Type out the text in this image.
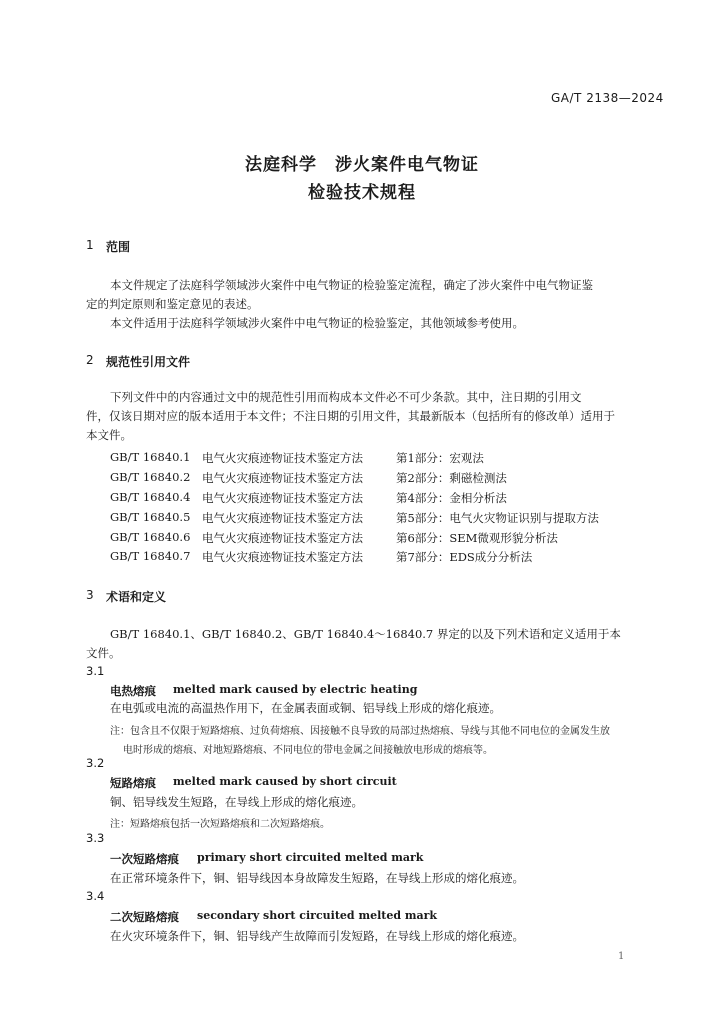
GA/T 2138—2024
法庭科学　涉火案件电气物证
检验技术规程
1 范围
本文件规定了法庭科学领域涉火案件中电气物证的检验鉴定流程，确定了涉火案件中电气物证鉴
定的判定原则和鉴定意见的表述。
本文件适用于法庭科学领域涉火案件中电气物证的检验鉴定，其他领域参考使用。
2 规范性引用文件
下列文件中的内容通过文中的规范性引用而构成本文件必不可少条款。其中，注日期的引用文
件，仅该日期对应的版本适用于本文件；不注日期的引用文件，其最新版本（包括所有的修改单）适用于
本文件。
GB/T 16840.1 电气火灾痕迹物证技术鉴定方法	第1部分：宏观法
GB/T 16840.2 电气火灾痕迹物证技术鉴定方法	第2部分：剩磁检测法
GB/T 16840.4 电气火灾痕迹物证技术鉴定方法	第4部分：金相分析法
GB/T 16840.5 电气火灾痕迹物证技术鉴定方法	第5部分：电气火灾物证识别与提取方法
GB/T 16840.6 电气火灾痕迹物证技术鉴定方法	第6部分：SEM微观形貌分析法
GB/T 16840.7 电气火灾痕迹物证技术鉴定方法	第7部分：EDS成分分析法
3 术语和定义
GB/T 16840.1、GB/T 16840.2、GB/T 16840.4～16840.7 界定的以及下列术语和定义适用于本
文件。
3.1
电热熔痕 melted mark caused by electric heating
在电弧或电流的高温热作用下，在金属表面或铜、铝导线上形成的熔化痕迹。
注：包含且不仅限于短路熔痕、过负荷熔痕、因接触不良导致的局部过热熔痕、导线与其他不同电位的金属发生放
电时形成的熔痕、对地短路熔痕、不同电位的带电金属之间接触放电形成的熔痕等。
3.2
短路熔痕 melted mark caused by short circuit
铜、铝导线发生短路，在导线上形成的熔化痕迹。
注：短路熔痕包括一次短路熔痕和二次短路熔痕。
3.3
一次短路熔痕 primary short circuited melted mark
在正常环境条件下，铜、铝导线因本身故障发生短路，在导线上形成的熔化痕迹。
3.4
二次短路熔痕 secondary short circuited melted mark
在火灾环境条件下，铜、铝导线产生故障而引发短路，在导线上形成的熔化痕迹。
1
